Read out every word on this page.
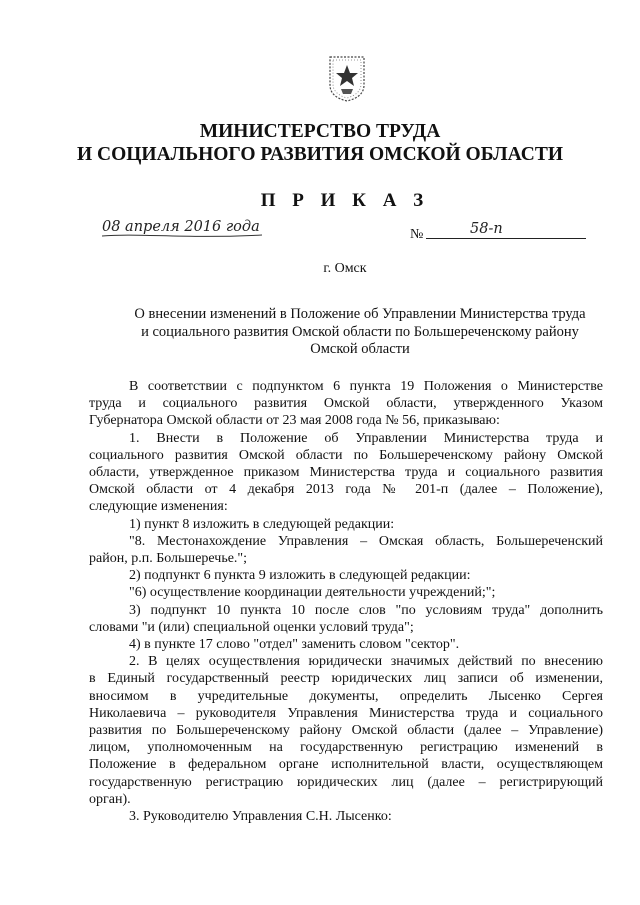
МИНИСТЕРСТВО ТРУДА
И СОЦИАЛЬНОГО РАЗВИТИЯ ОМСКОЙ ОБЛАСТИ
П Р И К А З
08 апреля 2016 года	№	58-п
г. Омск
О внесении изменений в Положение об Управлении Министерства труда
и социального развития Омской области по Большереченскому району
Омской области

В соответствии с подпунктом 6 пункта 19 Положения о Министерстве

труда и социального развития Омской области, утвержденного Указом

Губернатора Омской области от 23 мая 2008 года № 56, приказываю:

1. Внести в Положение об Управлении Министерства труда и

социального развития Омской области по Большереченскому району Омской

области, утвержденное приказом Министерства труда и социального развития

Омской области от 4 декабря 2013 года № 201-п (далее – Положение),

следующие изменения:

1) пункт 8 изложить в следующей редакции:

"8. Местонахождение Управления – Омская область, Большереченский

район, р.п. Большеречье.";

2) подпункт 6 пункта 9 изложить в следующей редакции:

"6) осуществление координации деятельности учреждений;";

3) подпункт 10 пункта 10 после слов "по условиям труда" дополнить

словами "и (или) специальной оценки условий труда";

4) в пункте 17 слово "отдел" заменить словом "сектор".

2. В целях осуществления юридически значимых действий по внесению

в Единый государственный реестр юридических лиц записи об изменении,

вносимом в учредительные документы, определить Лысенко Сергея

Николаевича – руководителя Управления Министерства труда и социального

развития по Большереченскому району Омской области (далее – Управление)

лицом, уполномоченным на государственную регистрацию изменений в

Положение в федеральном органе исполнительной власти, осуществляющем

государственную регистрацию юридических лиц (далее – регистрирующий

орган).

3. Руководителю Управления С.Н. Лысенко:
